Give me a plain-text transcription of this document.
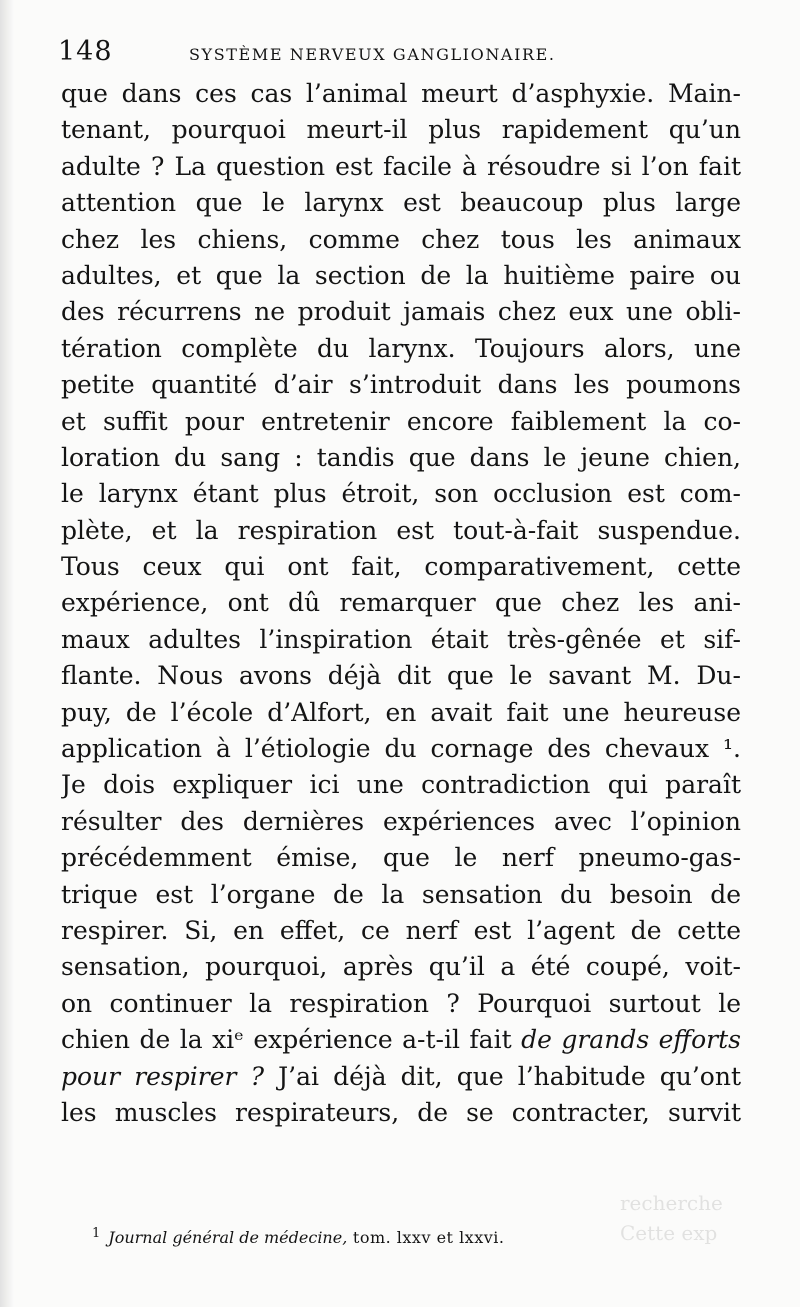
148	SYSTÈME NERVEUX GANGLIONAIRE.
que dans ces cas l’animal meurt d’asphyxie. Main-
tenant, pourquoi meurt-il plus rapidement qu’un
adulte ? La question est facile à résoudre si l’on fait
attention que le larynx est beaucoup plus large
chez les chiens, comme chez tous les animaux
adultes, et que la section de la huitième paire ou
des récurrens ne produit jamais chez eux une obli-
tération complète du larynx. Toujours alors, une
petite quantité d’air s’introduit dans les poumons
et suffit pour entretenir encore faiblement la co-
loration du sang : tandis que dans le jeune chien,
le larynx étant plus étroit, son occlusion est com-
plète, et la respiration est tout-à-fait suspendue.
Tous ceux qui ont fait, comparativement, cette
expérience, ont dû remarquer que chez les ani-
maux adultes l’inspiration était très-gênée et sif-
flante. Nous avons déjà dit que le savant M. Du-
puy, de l’école d’Alfort, en avait fait une heureuse
application à l’étiologie du cornage des chevaux ¹.
Je dois expliquer ici une contradiction qui paraît
résulter des dernières expériences avec l’opinion
précédemment émise, que le nerf pneumo-gas-
trique est l’organe de la sensation du besoin de
respirer. Si, en effet, ce nerf est l’agent de cette
sensation, pourquoi, après qu’il a été coupé, voit-
on continuer la respiration ? Pourquoi surtout le
chien de la xiᵉ expérience a-t-il fait de grands efforts
pour respirer ? J’ai déjà dit, que l’habitude qu’ont
les muscles respirateurs, de se contracter, survit
recherche
Cette exp
$^1$ Journal général de médecine, tom. lxxv et lxxvi.
